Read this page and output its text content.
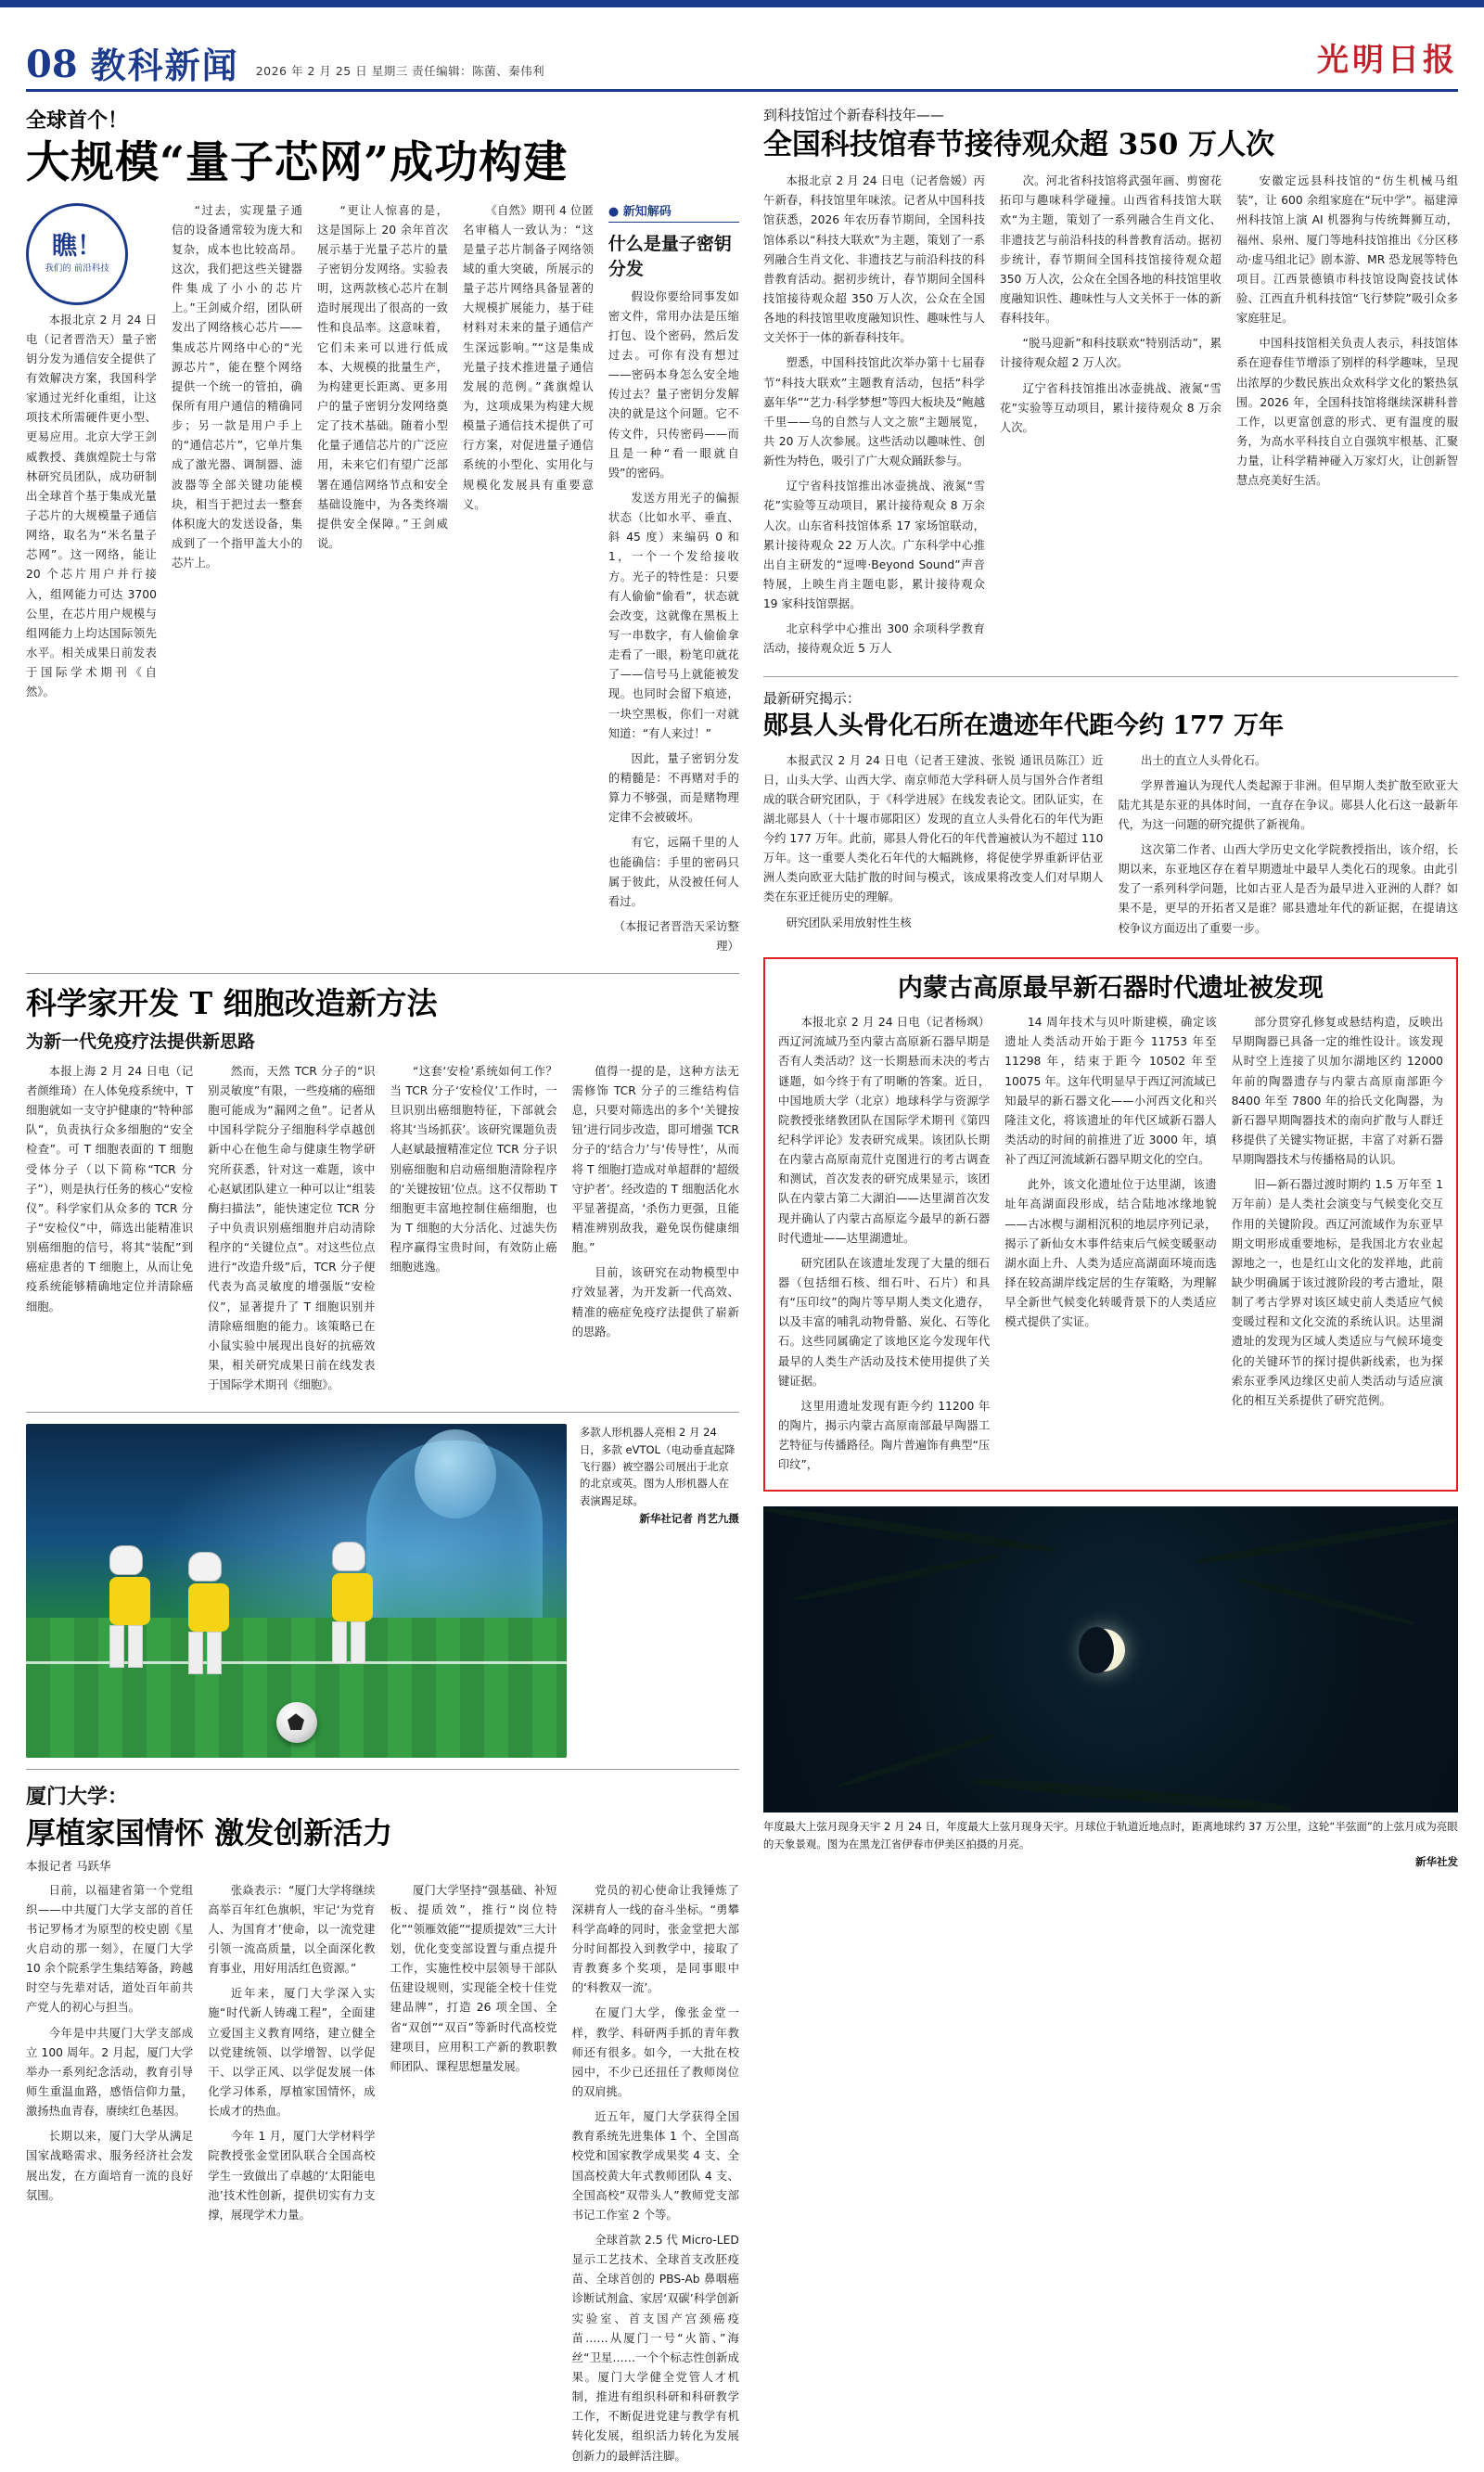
08 教科新闻 2026 年 2 月 25 日 星期三 责任编辑：陈菌、秦伟利	光明日报
全球首个！
大规模“量子芯网”成功构建
瞧！
我们的 前沿科技

本报北京 2 月 24 日电（记者晋浩天）量子密钥分发为通信安全提供了有效解决方案，我国科学家通过光纤化重组，让这项技术所需硬件更小型、更易应用。北京大学王剑威教授、龚旗煌院士与常林研究员团队，成功研制出全球首个基于集成光量子芯片的大规模量子通信网络，取名为“米名量子芯网”。这一网络，能让 20 个芯片用户并行接入，组网能力可达 3700 公里，在芯片用户规模与组网能力上均达国际领先水平。相关成果日前发表于国际学术期刊《自然》。

“过去，实现量子通信的设备通常较为庞大和复杂，成本也比较高昂。这次，我们把这些关键器件集成了小小的芯片上。”王剑威介绍，团队研发出了网络核心芯片——集成芯片网络中心的“光源芯片”，能在整个网络提供一个统一的管拍，确保所有用户通信的精确同步；另一款是用户手上的“通信芯片”，它单片集成了激光器、调制器、滤波器等全部关键功能模块，相当于把过去一整套体积庞大的发送设备，集成到了一个指甲盖大小的芯片上。

“更让人惊喜的是，这是国际上 20 余年首次展示基于光量子芯片的量子密钥分发网络。实验表明，这两款核心芯片在制造时展现出了很高的一致性和良品率。这意味着，它们未来可以进行低成本、大规模的批量生产，为构建更长距离、更多用户的量子密钥分发网络奠定了技术基础。随着小型化量子通信芯片的广泛应用，未来它们有望广泛部署在通信网络节点和安全基础设施中，为各类终端提供安全保障。”王剑威说。

《自然》期刊 4 位匿名审稿人一致认为：“这是量子芯片制备子网络领域的重大突破，所展示的量子芯片网络具备显著的大规模扩展能力，基于硅材料对未来的量子通信产生深远影响。”“这是集成光量子技术推进量子通信发展的范例。”龚旗煌认为，这项成果为构建大规模量子通信技术提供了可行方案，对促进量子通信系统的小型化、实用化与规模化发展具有重要意义。

● 新知解码
什么是量子密钥分发

假设你要给同事发如密文件，常用办法是压缩打包、设个密码，然后发过去。可你有没有想过——密码本身怎么安全地传过去？量子密钥分发解决的就是这个问题。它不传文件，只传密码——而且是一种“看一眼就自毁”的密码。

发送方用光子的偏振状态（比如水平、垂直、斜 45 度）来编码 0 和 1，一个一个发给接收方。光子的特性是：只要有人偷偷“偷看”，状态就会改变，这就像在黑板上写一串数字，有人偷偷拿走看了一眼，粉笔印就花了——信号马上就能被发现。也同时会留下痕迹，一块空黑板，你们一对就知道：“有人来过！”

因此，量子密钥分发的精髓是：不再赌对手的算力不够强，而是赌物理定律不会被破坏。

有它，远隔千里的人也能确信：手里的密码只属于彼此，从没被任何人看过。

（本报记者晋浩天采访整理）

科学家开发 T 细胞改造新方法
为新一代免疫疗法提供新思路

本报上海 2 月 24 日电（记者颜维琦）在人体免疫系统中，T 细胞就如一支守护健康的“特种部队”，负责执行众多细胞的“安全检查”。可 T 细胞表面的 T 细胞受体分子（以下简称“TCR 分子”），则是执行任务的核心“安检仪”。科学家们从众多的 TCR 分子“安检仪”中，筛选出能精准识别癌细胞的信号，将其“装配”到癌症患者的 T 细胞上，从而让免疫系统能够精确地定位并清除癌细胞。

然而，天然 TCR 分子的“识别灵敏度”有限，一些疫痛的癌细胞可能成为“漏网之鱼”。记者从中国科学院分子细胞科学卓越创新中心在他生命与健康生物学研究所获悉，针对这一难题，该中心赵斌团队建立一种可以让“组装酶扫描法”，能快速定位 TCR 分子中负责识别癌细胞并启动清除程序的“关键位点”。对这些位点进行“改造升级”后，TCR 分子便代表为高灵敏度的增强版“安检仪”，显著提升了 T 细胞识别并清除癌细胞的能力。该策略已在小鼠实验中展现出良好的抗癌效果，相关研究成果日前在线发表于国际学术期刊《细胞》。

“这套‘安检’系统如何工作？当 TCR 分子‘安检仪’工作时，一旦识别出癌细胞特征，下部就会将其‘当场抓获’。该研究课题负责人赵斌最擅精准定位 TCR 分子识别癌细胞和启动癌细胞清除程序的‘关键按钮’位点。这不仅帮助 T 细胞更丰富地控制住癌细胞，也为 T 细胞的大分活化、过滤失伤程序赢得宝贵时间，有效防止癌细胞逃逸。

值得一提的是，这种方法无需修饰 TCR 分子的三维结构信息，只要对筛选出的多个‘关键按钮’进行同步改造，即可增强 TCR 分子的‘结合力’与‘传导性’，从而将 T 细胞打造成对单超群的‘超级守护者’。经改造的 T 细胞活化水平显著提高，‘杀伤力更强，且能精准辨别敌我，避免误伤健康细胞。”

目前，该研究在动物模型中疗效显著，为开发新一代高效、精准的癌症免疫疗法提供了崭新的思路。

多款人形机器人亮相 2 月 24 日，多款 eVTOL（电动垂直起降飞行器）被空器公司展出于北京的北京或英。图为人形机器人在表演踢足球。
新华社记者 肖艺九摄
厦门大学：
厚植家国情怀 激发创新活力
本报记者 马跃华

日前，以福建省第一个党组织——中共厦门大学支部的首任书记罗杨才为原型的校史剧《星火启动的那一刻》，在厦门大学 10 余个院系学生集结筹备，跨越时空与先辈对话，道处百年前共产党人的初心与担当。

今年是中共厦门大学支部成立 100 周年。2 月起，厦门大学举办一系列纪念活动，教育引导师生重温血路，感悟信仰力量，激扬热血青春，赓续红色基因。

长期以来，厦门大学从满足国家战略需求、服务经济社会发展出发，在方面培育一流的良好氛围。

张焱表示：“厦门大学将继续高举百年红色旗帜，牢记‘为党育人、为国育才’使命，以一流党建引领一流高质量，以全面深化教育事业，用好用活红色资源。”

近年来，厦门大学深入实施“时代新人铸魂工程”，全面建立爱国主义教育网络，建立健全以党建统领、以学增智、以学促干、以学正风、以学促发展一体化学习体系，厚植家国情怀，成长成才的热血。

今年 1 月，厦门大学材料学院教授张金堂团队联合全国高校学生一致做出了卓越的‘太阳能电池’技术性创新，提供切实有力支撑，展现学术力量。

厦门大学坚持“强基础、补短板、提质效”，推行“岗位特化”“领雁效能”“提质提效”三大计划，优化变变部设置与重点提升工作，实施性校中层领导干部队伍建设规则，实现能全校十佳党建品牌”，打造 26 项全国、全省“双创”“双百”等新时代高校党建项目，应用积工产新的教职教师团队、课程思想量发展。

党员的初心使命让我锤炼了深耕育人一线的奋斗坐标。“勇攀科学高峰的同时，张金堂把大部分时间都投入到教学中，接取了青教赛多个奖项，是同事眼中的‘科教双一流’。

在厦门大学，像张金堂一样，教学、科研两手抓的青年教师还有很多。如今，一大批在校园中，不少已还扭任了教师岗位的双肩挑。

近五年，厦门大学获得全国教育系统先进集体 1 个、全国高校党和国家教学成果奖 4 支、全国高校黄大年式教师团队 4 支、全国高校“双带头人”教师党支部书记工作室 2 个等。

全球首款 2.5 代 Micro-LED 显示工艺技术、全球首支改胚疫苗、全球首创的 PBS-Ab 鼻咽癌诊断试剂盒、家居‘双碳’科学创新实验室、首支国产宫颈癌疫苗……从厦门一号“火箭、”海丝“卫星……一个个标志性创新成果。厦门大学健全党管人才机制，推进有组织科研和科研教学工作，不断促进党建与教学有机转化发展，组织活力转化为发展创新力的最鲜活注脚。

到科技馆过个新春科技年——
全国科技馆春节接待观众超 350 万人次

本报北京 2 月 24 日电（记者詹媛）丙午新春，科技馆里年味浓。记者从中国科技馆获悉，2026 年农历春节期间，全国科技馆体系以“科技大联欢”为主题，策划了一系列融合生肖文化、非遗技艺与前沿科技的科普教育活动。据初步统计，春节期间全国科技馆接待观众超 350 万人次，公众在全国各地的科技馆里收度融知识性、趣味性与人文关怀于一体的新春科技年。

塑悉，中国科技馆此次举办第十七届春节“科技大联欢”主题教育活动，包括“科学嘉年华”“艺力·科学梦想”等四大板块及“鲍越千里——乌的自然与人文之旅”主题展览，共 20 万人次参展。这些活动以趣味性、创新性为特色，吸引了广大观众踊跃参与。

辽宁省科技馆推出冰壶挑战、液氮“雪花”实验等互动项目，累计接待观众 8 万余人次。山东省科技馆体系 17 家场馆联动，累计接待观众 22 万人次。广东科学中心推出自主研发的“逗啤·Beyond Sound”声音特展，上映生肖主题电影，累计接待观众 19 家科技馆票据。

北京科学中心推出 300 余项科学教育活动，接待观众近 5 万人

次。河北省科技馆将武强年画、剪窗花拓印与趣味科学碰撞。山西省科技馆大联欢“为主题，策划了一系列融合生肖文化、非遗技艺与前沿科技的科普教育活动。据初步统计，春节期间全国科技馆接待观众超 350 万人次，公众在全国各地的科技馆里收度融知识性、趣味性与人文关怀于一体的新春科技年。

“脱马迎新”和科技联欢“特别活动”，累计接待观众超 2 万人次。

辽宁省科技馆推出冰壶挑战、液氮“雪花”实验等互动项目，累计接待观众 8 万余人次。

安徽定远县科技馆的“仿生机械马组装”，让 600 余组家庭在“玩中学”。福建漳州科技馆上演 AI 机器狗与传统舞狮互动，福州、泉州、厦门等地科技馆推出《分区移动·虚马组北记》剧本游、MR 恐龙展等特色项目。江西景德镇市科技馆设陶瓷技试体验、江西直升机科技馆“飞行梦院”吸引众多家庭驻足。

中国科技馆相关负责人表示，科技馆体系在迎春佳节增添了别样的科学趣味，呈现出浓厚的少数民族出众欢科学文化的繁热氛围。2026 年，全国科技馆将继续深耕科普工作，以更富创意的形式、更有温度的服务，为高水平科技自立自强筑牢根基、汇聚力量，让科学精神碰入万家灯火，让创新智慧点亮美好生活。

最新研究揭示：
郧县人头骨化石所在遗迹年代距今约 177 万年

本报武汉 2 月 24 日电（记者王建波、张锐 通讯员陈江）近日，山头大学、山西大学、南京师范大学科研人员与国外合作者组成的联合研究团队，于《科学进展》在线发表论文。团队证实，在湖北郧县人（十十堰市郧阳区）发现的直立人头骨化石的年代为距今约 177 万年。此前，郧县人骨化石的年代普遍被认为不超过 110 万年。这一重要人类化石年代的大幅跳修，将促使学界重新评估亚洲人类向欧亚大陆扩散的时间与模式，该成果将改变人们对早期人类在东亚迁徙历史的理解。

研究团队采用放射性生核

出土的直立人头骨化石。

学界普遍认为现代人类起源于非洲。但早期人类扩散至欧亚大陆尤其是东亚的具体时间，一直存在争议。郧县人化石这一最新年代，为这一问题的研究提供了新视角。

这次第二作者、山西大学历史文化学院教授指出，该介绍，长期以来，东亚地区存在着早期遗址中最早人类化石的现象。由此引发了一系列科学问题，比如古亚人是否为最早进入亚洲的人群？如果不是，更早的开拓者又是谁？郧县遗址年代的新证据，在提请这校争议方面迈出了重要一步。

内蒙古高原最早新石器时代遗址被发现

本报北京 2 月 24 日电（记者杨飒）西辽河流域乃至内蒙古高原新石器早期是否有人类活动？这一长期悬而未决的考古谜题，如今终于有了明晰的答案。近日，中国地质大学（北京）地球科学与资源学院教授张绪教团队在国际学术期刊《第四纪科学评论》发表研究成果。该团队长期在内蒙古高原南荒什克图进行的考古调查和测试，首次发表的研究成果显示，该团队在内蒙古第二大湖泊——达里湖首次发现并确认了内蒙古高原迄今最早的新石器时代遗址——达里湖遗址。

研究团队在该遗址发现了大量的细石器（包括细石核、细石叶、石片）和具有“压印纹”的陶片等早期人类文化遗存，以及丰富的哺乳动物骨骼、炭化、石等化石。这些同属确定了该地区迄今发现年代最早的人类生产活动及技术使用提供了关键证据。

这里用遗址发现有距今约 11200 年的陶片，揭示内蒙古高原南部最早陶器工艺特征与传播路径。陶片普遍饰有典型“压印纹”，

14 周年技术与贝叶斯建模，确定该遗址人类活动开始于距今 11753 年至 11298 年，结束于距今 10502 年至 10075 年。这年代明显早于西辽河流域已知最早的新石器文化——小河西文化和兴隆洼文化，将该遗址的年代区域新石器人类活动的时间的前推进了近 3000 年，填补了西辽河流域新石器早期文化的空白。

此外，该文化遗址位于达里湖，该遗址年高湖面段形成，结合陆地冰缘地貌——古冰楔与湖相沉积的地层序列记录，揭示了新仙女木事件结束后气候变暖驱动湖水面上升、人类为适应高湖面环境而选择在较高湖岸线定居的生存策略，为理解早全新世气候变化转暖背景下的人类适应模式提供了实证。

部分贯穿孔修复或悬结构造，反映出早期陶器已具备一定的维性设计。该发现从时空上连接了贝加尔湖地区约 12000 年前的陶器遗存与内蒙古高原南部距今 8400 年至 7800 年的拾氏文化陶器，为新石器早期陶器技术的南向扩散与人群迁移提供了关键实物证据，丰富了对新石器早期陶器技术与传播格局的认识。

旧—新石器过渡时期约 1.5 万年至 1 万年前）是人类社会演变与气候变化交互作用的关键阶段。西辽河流域作为东亚早期文明形成重要地标，是我国北方农业起源地之一，也是红山文化的发祥地，此前缺少明确属于该过渡阶段的考古遗址，限制了考古学界对该区域史前人类适应气候变暖过程和文化交流的系统认识。达里湖遗址的发现为区域人类适应与气候环境变化的关键环节的探讨提供新线索，也为探索东亚季风边缘区史前人类活动与适应演化的相互关系提供了研究范例。

年度最大上弦月现身天宇 2 月 24 日，年度最大上弦月现身天宇。月球位于轨道近地点时，距离地球约 37 万公里，这轮“半弦面”的上弦月成为亮眼的天象景观。图为在黑龙江省伊春市伊美区拍摄的月亮。
新华社发
